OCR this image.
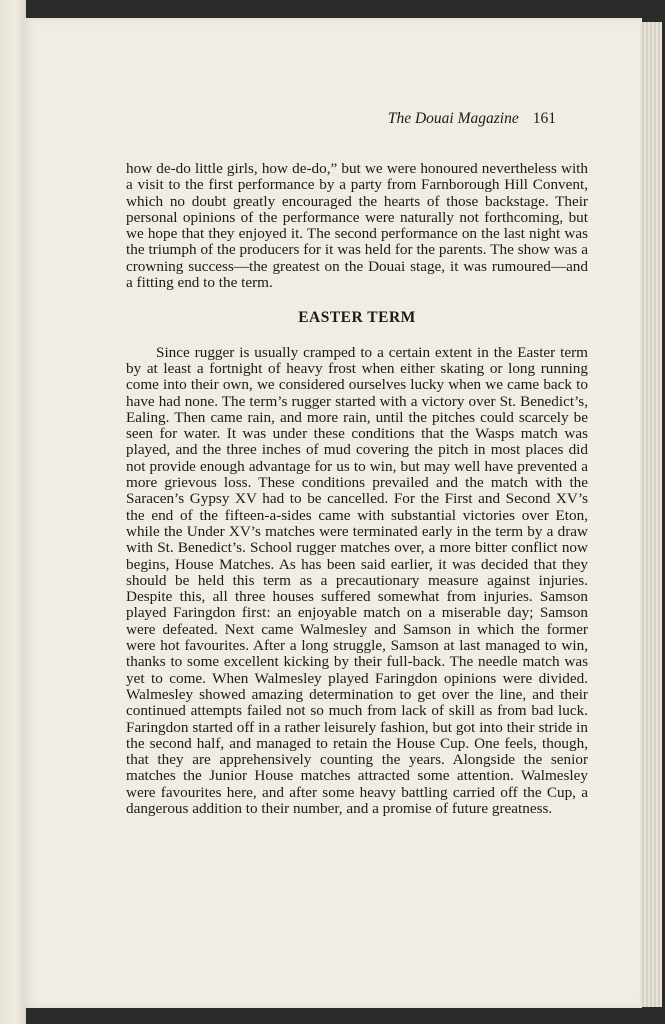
The Douai Magazine 161

how de-do little girls, how de-do,” but we were honoured nevertheless with a visit to the first performance by a party from Farnborough Hill Convent, which no doubt greatly encouraged the hearts of those backstage. Their personal opinions of the performance were naturally not forthcoming, but we hope that they enjoyed it. The second performance on the last night was the triumph of the producers for it was held for the parents. The show was a crowning success—the greatest on the Douai stage, it was rumoured—and a fitting end to the term.

EASTER TERM

Since rugger is usually cramped to a certain extent in the Easter term by at least a fortnight of heavy frost when either skating or long running come into their own, we considered ourselves lucky when we came back to have had none. The term’s rugger started with a victory over St. Benedict’s, Ealing. Then came rain, and more rain, until the pitches could scarcely be seen for water. It was under these conditions that the Wasps match was played, and the three inches of mud covering the pitch in most places did not provide enough advantage for us to win, but may well have prevented a more grievous loss. These conditions prevailed and the match with the Saracen’s Gypsy XV had to be cancelled. For the First and Second XV’s the end of the fifteen-a-sides came with substantial victories over Eton, while the Under XV’s matches were terminated early in the term by a draw with St. Benedict’s. School rugger matches over, a more bitter conflict now begins, House Matches. As has been said earlier, it was decided that they should be held this term as a precautionary measure against injuries. Despite this, all three houses suffered somewhat from injuries. Samson played Faringdon first: an enjoyable match on a miserable day; Samson were defeated. Next came Walmesley and Samson in which the former were hot favourites. After a long struggle, Samson at last managed to win, thanks to some excellent kicking by their full-back. The needle match was yet to come. When Walmesley played Faringdon opinions were divided. Walmesley showed amazing determination to get over the line, and their continued attempts failed not so much from lack of skill as from bad luck. Faringdon started off in a rather leisurely fashion, but got into their stride in the second half, and managed to retain the House Cup. One feels, though, that they are apprehensively counting the years. Alongside the senior matches the Junior House matches attracted some attention. Walmesley were favourites here, and after some heavy battling carried off the Cup, a dangerous addition to their number, and a promise of future greatness.
